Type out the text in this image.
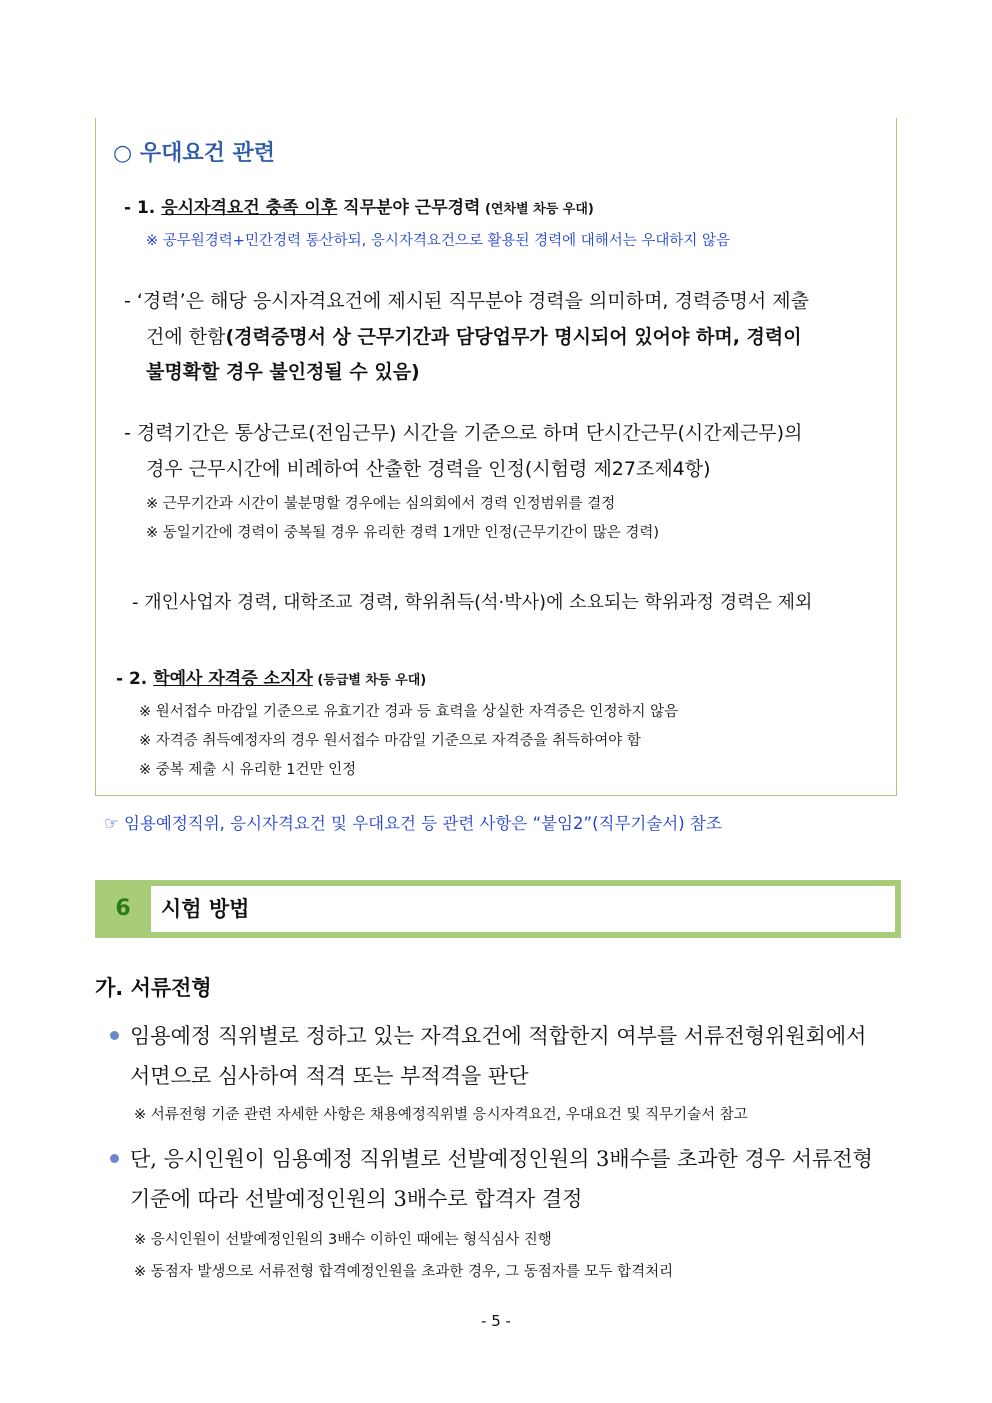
○ 우대요건 관련
- 1. 응시자격요건 충족 이후 직무분야 근무경력 (연차별 차등 우대)
※ 공무원경력+민간경력 통산하되, 응시자격요건으로 활용된 경력에 대해서는 우대하지 않음
- ‘경력’은 해당 응시자격요건에 제시된 직무분야 경력을 의미하며, 경력증명서 제출
건에 한함(경력증명서 상 근무기간과 담당업무가 명시되어 있어야 하며, 경력이
불명확할 경우 불인정될 수 있음)
- 경력기간은 통상근로(전임근무) 시간을 기준으로 하며 단시간근무(시간제근무)의
경우 근무시간에 비례하여 산출한 경력을 인정(시험령 제27조제4항)
※ 근무기간과 시간이 불분명할 경우에는 심의회에서 경력 인정범위를 결정
※ 동일기간에 경력이 중복될 경우 유리한 경력 1개만 인정(근무기간이 많은 경력)
- 개인사업자 경력, 대학조교 경력, 학위취득(석·박사)에 소요되는 학위과정 경력은 제외
- 2. 학예사 자격증 소지자 (등급별 차등 우대)
※ 원서접수 마감일 기준으로 유효기간 경과 등 효력을 상실한 자격증은 인정하지 않음
※ 자격증 취득예정자의 경우 원서접수 마감일 기준으로 자격증을 취득하여야 함
※ 중복 제출 시 유리한 1건만 인정
☞ 임용예정직위, 응시자격요건 및 우대요건 등 관련 사항은 “붙임2”(직무기술서) 참조
6	시험 방법
가. 서류전형
임용예정 직위별로 정하고 있는 자격요건에 적합한지 여부를 서류전형위원회에서
서면으로 심사하여 적격 또는 부적격을 판단
※ 서류전형 기준 관련 자세한 사항은 채용예정직위별 응시자격요건, 우대요건 및 직무기술서 참고
단, 응시인원이 임용예정 직위별로 선발예정인원의 3배수를 초과한 경우 서류전형
기준에 따라 선발예정인원의 3배수로 합격자 결정
※ 응시인원이 선발예정인원의 3배수 이하인 때에는 형식심사 진행
※ 동점자 발생으로 서류전형 합격예정인원을 초과한 경우, 그 동점자를 모두 합격처리
- 5 -
